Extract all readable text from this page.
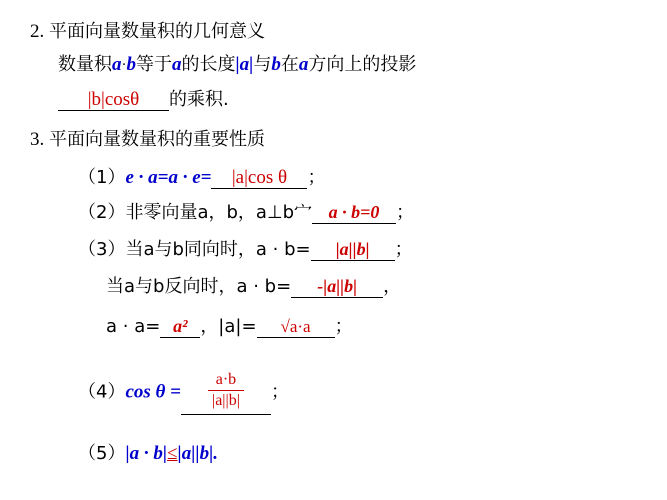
2. 平面向量数量积的几何意义
数量积a·b等于a的长度|a|与b在a方向上的投影
|b|cosθ 的乘积.
3. 平面向量数量积的重要性质
（1）e · a=a · e= |a|cos θ ；
（2）非零向量a，b，a⊥b宀 a · b=0 ；
（3）当a与b同向时，a · b= |a||b| ；
当a与b反向时，a · b= -|a||b| ，
a · a= a² ，|a|= √a·a ；
（4）cos $\theta = \frac{a\cdot b}{|a||b|}$ ；
（5）|a · b|≤|a||b|.
